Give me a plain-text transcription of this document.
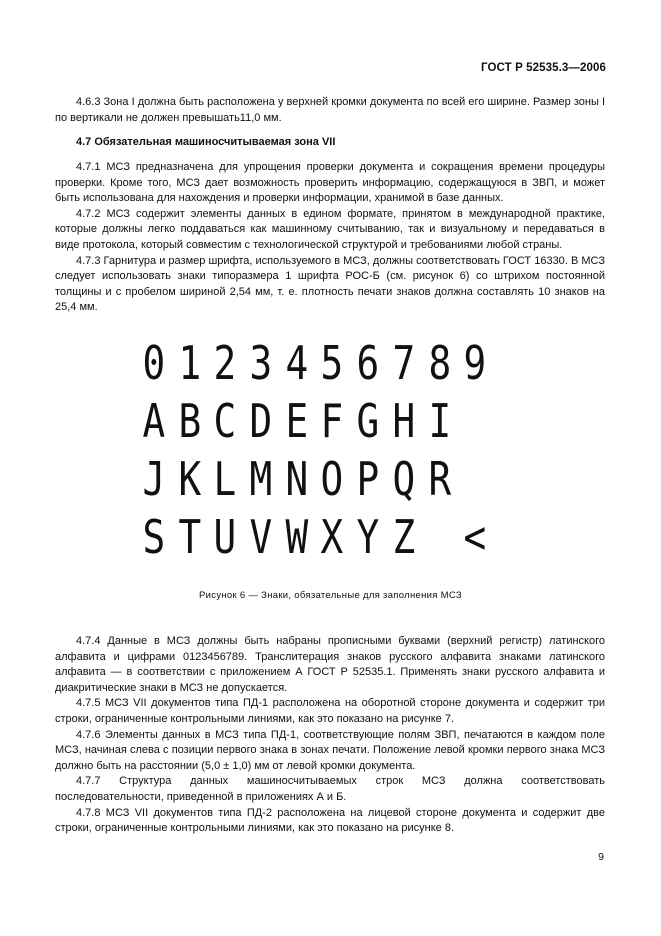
ГОСТ Р 52535.3—2006

4.6.3 Зона I должна быть расположена у верхней кромки документа по всей его ширине. Размер зоны I по вертикали не должен превышать11,0 мм.

4.7 Обязательная машиносчитываемая зона VII

4.7.1 МСЗ предназначена для упрощения проверки документа и сокращения времени процедуры проверки. Кроме того, МСЗ дает возможность проверить информацию, содержащуюся в ЗВП, и может быть использована для нахождения и проверки информации, хранимой в базе данных.

4.7.2 МСЗ содержит элементы данных в едином формате, принятом в международной практике, которые должны легко поддаваться как машинному считыванию, так и визуальному и передаваться в виде протокола, который совместим с технологической структурой и требованиями любой страны.

4.7.3 Гарнитура и размер шрифта, используемого в МСЗ, должны соответствовать ГОСТ 16330. В МСЗ следует использовать знаки типоразмера 1 шрифта РОС-Б (см. рисунок 6) со штрихом постоянной толщины и с пробелом шириной 2,54 мм, т. е. плотность печати знаков должна составлять 10 знаков на 25,4 мм.

0 1 2 3 4 5 6 7 8 9
A B C D E F G H I
J K L M N O P Q R
S T U V W X Y Z <
Рисунок 6 — Знаки, обязательные для заполнения МСЗ

4.7.4 Данные в МСЗ должны быть набраны прописными буквами (верхний регистр) латинского алфавита и цифрами 0123456789. Транслитерация знаков русского алфавита знаками латинского алфавита — в соответствии с приложением А ГОСТ Р 52535.1. Применять знаки русского алфавита и диакритические знаки в МСЗ не допускается.

4.7.5 МСЗ VII документов типа ПД-1 расположена на оборотной стороне документа и содержит три строки, ограниченные контрольными линиями, как это показано на рисунке 7.

4.7.6 Элементы данных в МСЗ типа ПД-1, соответствующие полям ЗВП, печатаются в каждом поле МСЗ, начиная слева с позиции первого знака в зонах печати. Положение левой кромки первого знака МСЗ должно быть на расстоянии (5,0 ± 1,0) мм от левой кромки документа.

4.7.7 Структура данных машиносчитываемых строк МСЗ должна соответствовать последовательности, приведенной в приложениях А и Б.

4.7.8 МСЗ VII документов типа ПД-2 расположена на лицевой стороне документа и содержит две строки, ограниченные контрольными линиями, как это показано на рисунке 8.

9
